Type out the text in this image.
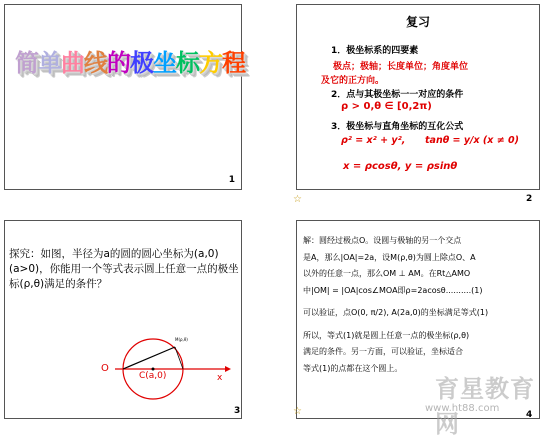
简单曲线的极坐标方程
1
复习
1．极坐标系的四要素
极点；极轴；长度单位；角度单位
及它的正方向。
2．点与其极坐标一一对应的条件
ρ > 0,θ ∈ [0,2π)
3．极坐标与直角坐标的互化公式
ρ² = x² + y², tanθ = y/x (x ≠ 0)
x = ρcosθ, y = ρsinθ
☆	2
探究：如图，半径为a的圆的圆心坐标为(a,0)(a>0)，你能用一个等式表示圆上任意一点的极坐标(ρ,θ)满足的条件？
O
C(a,0)	x
M(ρ,θ)
3
解：圆经过极点O。设圆与极轴的另一个交点
是A，那么|OA|=2a，设M(ρ,θ)为圆上除点O、A
以外的任意一点，那么OM ⊥ AM。在Rt△AMO
中|OM| = |OA|cos∠MOA即ρ=2acosθ..........(1)
可以验证，点O(0, π/2), A(2a,0)的坐标满足等式(1)
所以，等式(1)就是圆上任意一点的极坐标(ρ,θ)
满足的条件。另一方面，可以验证，坐标适合
等式(1)的点都在这个圆上。
育星教育网
www.ht88.com
☆	4
